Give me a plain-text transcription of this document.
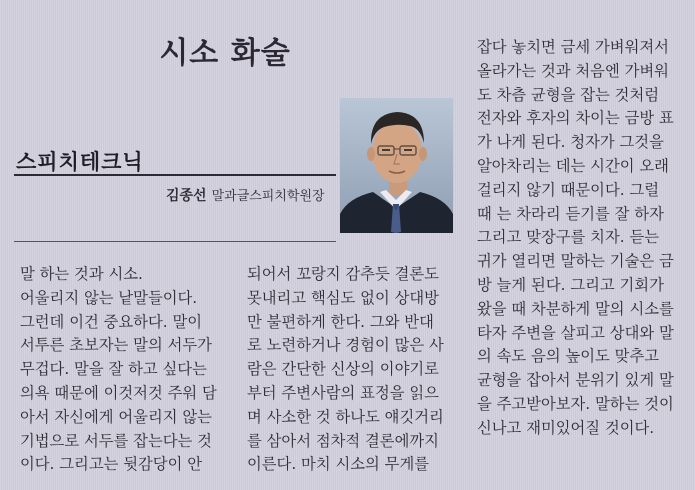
시소 화술
스피치테크닉
김종선 말과글스피치학원장
말 하는 것과 시소.
어울리지 않는 낱말들이다.
그런데 이건 중요하다. 말이
서투른 초보자는 말의 서두가
무겁다. 말을 잘 하고 싶다는
의욕 때문에 이것저것 주워 담
아서 자신에게 어울리지 않는
기법으로 서두를 잡는다는 것
이다. 그리고는 뒷감당이 안
되어서 꼬랑지 감추듯 결론도
못내리고 핵심도 없이 상대방
만 불편하게 한다. 그와 반대
로 노련하거나 경험이 많은 사
람은 간단한 신상의 이야기로
부터 주변사람의 표정을 읽으
며 사소한 것 하나도 얘깃거리
를 삼아서 점차적 결론에까지
이른다. 마치 시소의 무게를
잡다 놓치면 금세 가벼워져서
올라가는 것과 처음엔 가벼워
도 차츰 균형을 잡는 것처럼
전자와 후자의 차이는 금방 표
가 나게 된다. 청자가 그것을
알아차리는 데는 시간이 오래
걸리지 않기 때문이다. 그럴
때 는 차라리 듣기를 잘 하자
그리고 맞장구를 치자. 듣는
귀가 열리면 말하는 기술은 금
방 늘게 된다. 그리고 기회가
왔을 때 차분하게 말의 시소를
타자 주변을 살피고 상대와 말
의 속도 음의 높이도 맞추고
균형을 잡아서 분위기 있게 말
을 주고받아보자. 말하는 것이
신나고 재미있어질 것이다.
